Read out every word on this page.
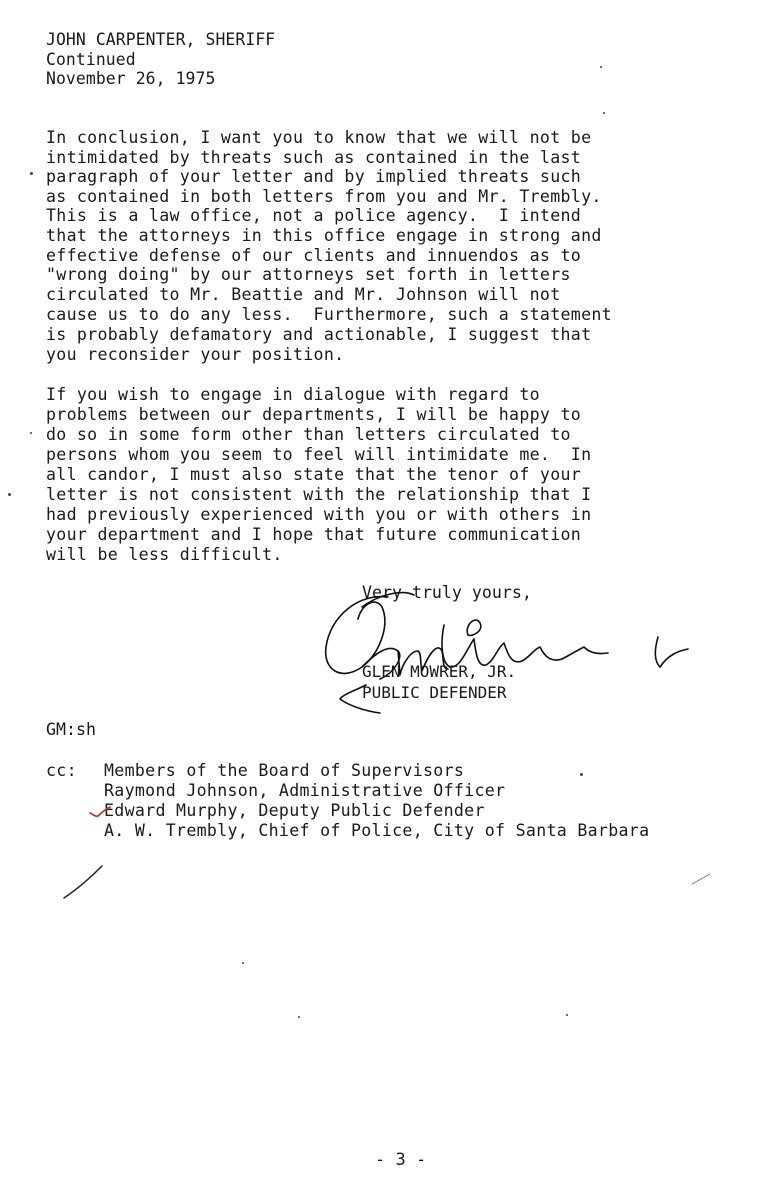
JOHN CARPENTER, SHERIFF
Continued
November 26, 1975
In conclusion, I want you to know that we will not be
intimidated by threats such as contained in the last
paragraph of your letter and by implied threats such
as contained in both letters from you and Mr. Trembly.
This is a law office, not a police agency.  I intend
that the attorneys in this office engage in strong and
effective defense of our clients and innuendos as to
"wrong doing" by our attorneys set forth in letters
circulated to Mr. Beattie and Mr. Johnson will not
cause us to do any less.  Furthermore, such a statement
is probably defamatory and actionable, I suggest that
you reconsider your position.
If you wish to engage in dialogue with regard to
problems between our departments, I will be happy to
do so in some form other than letters circulated to
persons whom you seem to feel will intimidate me.  In
all candor, I must also state that the tenor of your
letter is not consistent with the relationship that I
had previously experienced with you or with others in
your department and I hope that future communication
will be less difficult.
Very truly yours,
GLEN MOWRER, JR.
PUBLIC DEFENDER
GM:sh
cc: Members of the Board of Supervisors
Raymond Johnson, Administrative Officer
Edward Murphy, Deputy Public Defender
A. W. Trembly, Chief of Police, City of Santa Barbara
- 3 -
